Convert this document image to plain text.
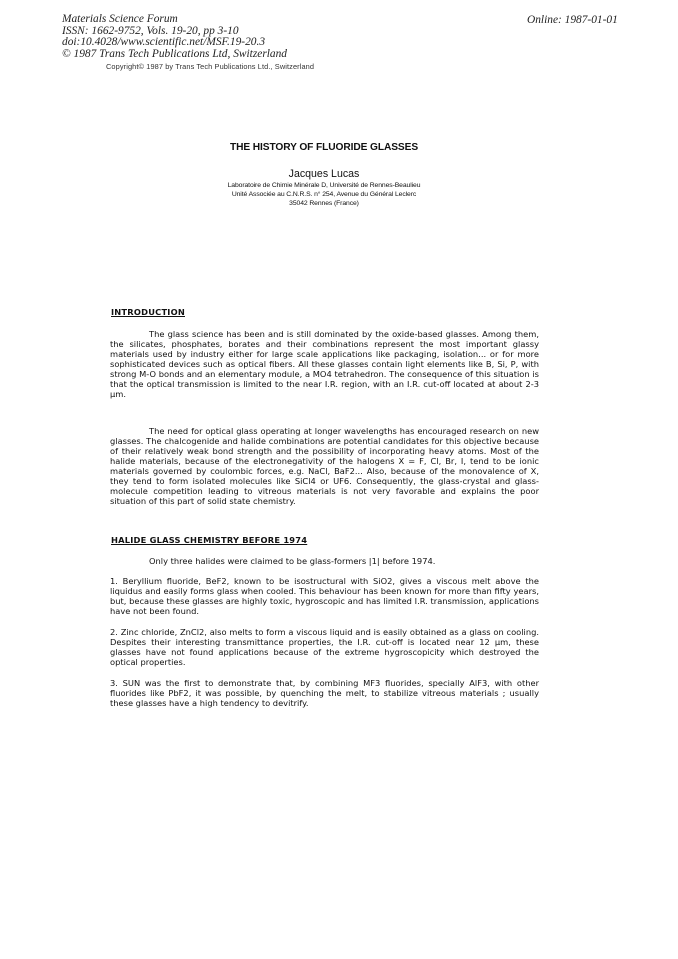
Materials Science Forum
ISSN: 1662-9752, Vols. 19-20, pp 3-10
doi:10.4028/www.scientific.net/MSF.19-20.3
© 1987 Trans Tech Publications Ltd, Switzerland
Online: 1987-01-01
Copyright© 1987 by Trans Tech Publications Ltd., Switzerland
THE HISTORY OF FLUORIDE GLASSES
Jacques Lucas
Laboratoire de Chimie Minérale D, Université de Rennes-Beaulieu
Unité Associée au C.N.R.S. n° 254, Avenue du Général Leclerc
35042 Rennes (France)
INTRODUCTION

The glass science has been and is still dominated by the oxide-based glasses. Among them, the silicates, phosphates, borates and their combinations represent the most important glassy materials used by industry either for large scale applications like packaging, isolation... or for more sophisticated devices such as optical fibers. All these glasses contain light elements like B, Si, P, with strong M-O bonds and an elementary module, a MO4 tetrahedron. The consequence of this situation is that the optical transmission is limited to the near I.R. region, with an I.R. cut-off located at about 2-3 μm.

The need for optical glass operating at longer wavelengths has encouraged research on new glasses. The chalcogenide and halide combinations are potential candidates for this objective because of their relatively weak bond strength and the possibility of incorporating heavy atoms. Most of the halide materials, because of the electronegativity of the halogens X = F, Cl, Br, I, tend to be ionic materials governed by coulombic forces, e.g. NaCl, BaF2... Also, because of the monovalence of X, they tend to form isolated molecules like SiCl4 or UF6. Consequently, the glass-crystal and glass-molecule competition leading to vitreous materials is not very favorable and explains the poor situation of this part of solid state chemistry.

HALIDE GLASS CHEMISTRY BEFORE 1974

Only three halides were claimed to be glass-formers |1| before 1974.

1. Beryllium fluoride, BeF2, known to be isostructural with SiO2, gives a viscous melt above the liquidus and easily forms glass when cooled. This behaviour has been known for more than fifty years, but, because these glasses are highly toxic, hygroscopic and has limited I.R. transmission, applications have not been found.

2. Zinc chloride, ZnCl2, also melts to form a viscous liquid and is easily obtained as a glass on cooling. Despites their interesting transmittance properties, the I.R. cut-off is located near 12 μm, these glasses have not found applications because of the extreme hygroscopicity which destroyed the optical properties.

3. SUN was the first to demonstrate that, by combining MF3 fluorides, specially AlF3, with other fluorides like PbF2, it was possible, by quenching the melt, to stabilize vitreous materials ; usually these glasses have a high tendency to devitrify.
